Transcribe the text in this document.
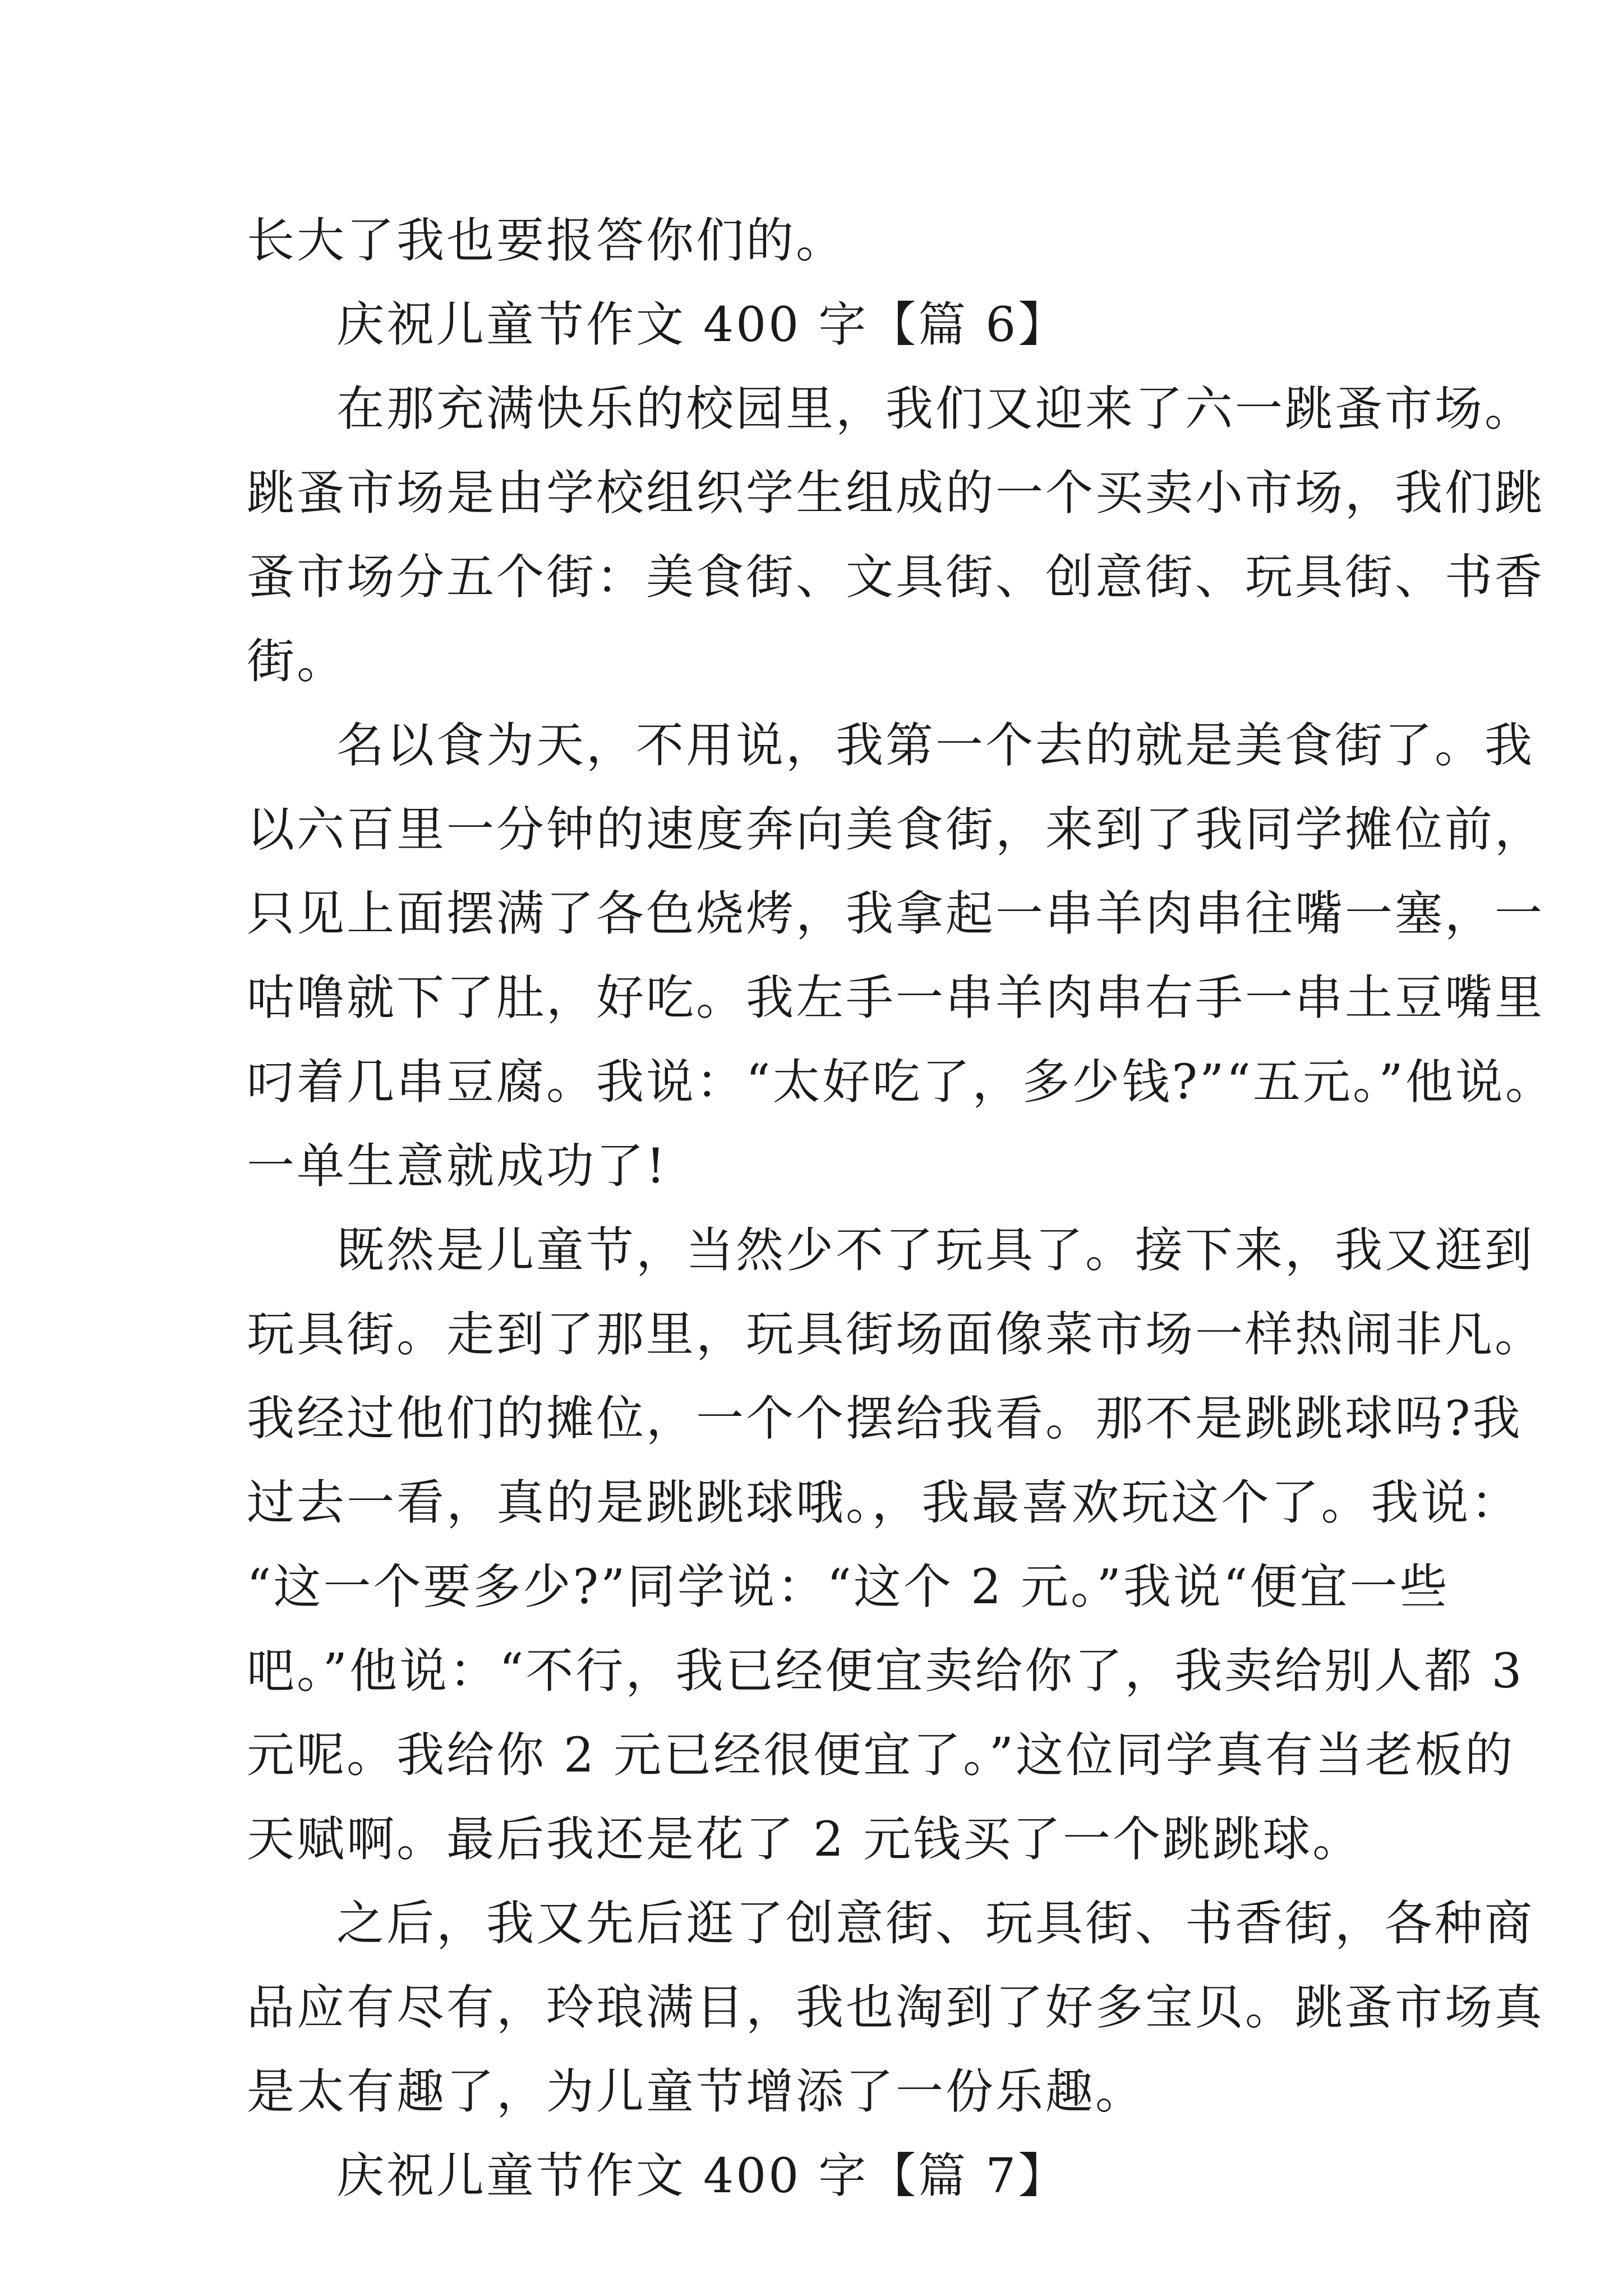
长大了我也要报答你们的。
庆祝儿童节作文 400 字【篇 6】
在那充满快乐的校园里，我们又迎来了六一跳蚤市场。
跳蚤市场是由学校组织学生组成的一个买卖小市场，我们跳
蚤市场分五个街：美食街、文具街、创意街、玩具街、书香
街。
名以食为天，不用说，我第一个去的就是美食街了。我
以六百里一分钟的速度奔向美食街，来到了我同学摊位前，
只见上面摆满了各色烧烤，我拿起一串羊肉串往嘴一塞，一
咕噜就下了肚，好吃。我左手一串羊肉串右手一串土豆嘴里
叼着几串豆腐。我说：“太好吃了，多少钱?”“五元。”他说。
一单生意就成功了!
既然是儿童节，当然少不了玩具了。接下来，我又逛到
玩具街。走到了那里，玩具街场面像菜市场一样热闹非凡。
我经过他们的摊位，一个个摆给我看。那不是跳跳球吗?我
过去一看，真的是跳跳球哦。，我最喜欢玩这个了。我说：
“这一个要多少?”同学说：“这个 2 元。”我说“便宜一些
吧。”他说：“不行，我已经便宜卖给你了，我卖给别人都 3
元呢。我给你 2 元已经很便宜了。”这位同学真有当老板的
天赋啊。最后我还是花了 2 元钱买了一个跳跳球。
之后，我又先后逛了创意街、玩具街、书香街，各种商
品应有尽有，玲琅满目，我也淘到了好多宝贝。跳蚤市场真
是太有趣了，为儿童节增添了一份乐趣。
庆祝儿童节作文 400 字【篇 7】
